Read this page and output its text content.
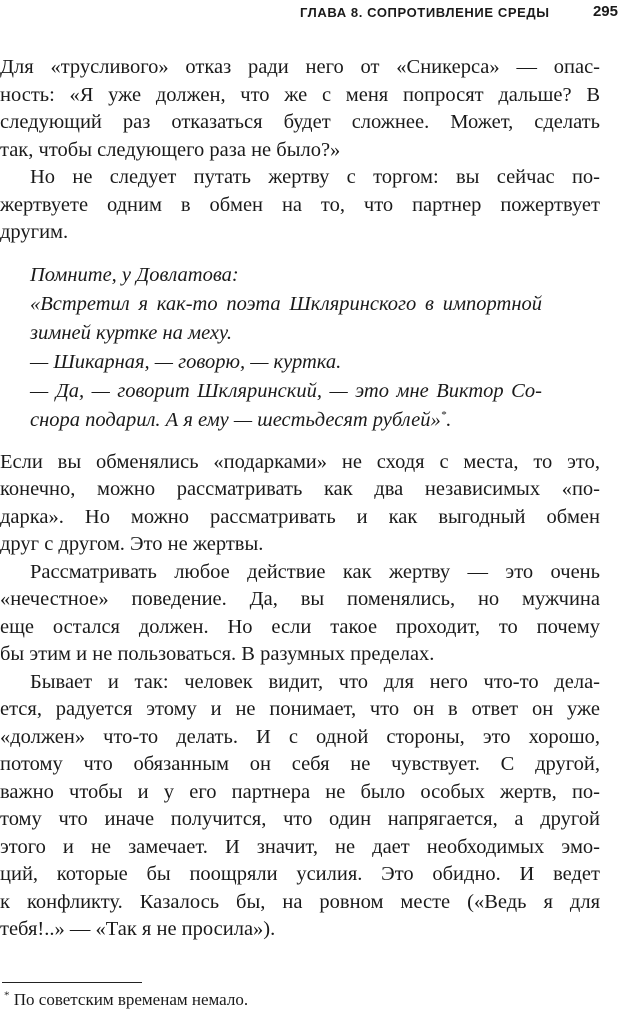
ГЛАВА 8. СОПРОТИВЛЕНИЕ СРЕДЫ	295
Для «трусливого» отказ ради него от «Сникерса» — опас-
ность: «Я уже должен, что же с меня попросят дальше? В
следующий раз отказаться будет сложнее. Может, сделать
так, чтобы следующего раза не было?»
Но не следует путать жертву с торгом: вы сейчас по-
жертвуете одним в обмен на то, что партнер пожертвует
другим.
Помните, у Довлатова:
«Встретил я как-то поэта Шкляринского в импортной
зимней куртке на меху.
— Шикарная, — говорю, — куртка.
— Да, — говорит Шкляринский, — это мне Виктор Со-
снора подарил. А я ему — шестьдесят рублей»*.
Если вы обменялись «подарками» не сходя с места, то это,
конечно, можно рассматривать как два независимых «по-
дарка». Но можно рассматривать и как выгодный обмен
друг с другом. Это не жертвы.
Рассматривать любое действие как жертву — это очень
«нечестное» поведение. Да, вы поменялись, но мужчина
еще остался должен. Но если такое проходит, то почему
бы этим и не пользоваться. В разумных пределах.
Бывает и так: человек видит, что для него что-то дела-
ется, радуется этому и не понимает, что он в ответ он уже
«должен» что-то делать. И с одной стороны, это хорошо,
потому что обязанным он себя не чувствует. С другой,
важно чтобы и у его партнера не было особых жертв, по-
тому что иначе получится, что один напрягается, а другой
этого и не замечает. И значит, не дает необходимых эмо-
ций, которые бы поощряли усилия. Это обидно. И ведет
к конфликту. Казалось бы, на ровном месте («Ведь я для
тебя!..» — «Так я не просила»).
* По советским временам немало.
